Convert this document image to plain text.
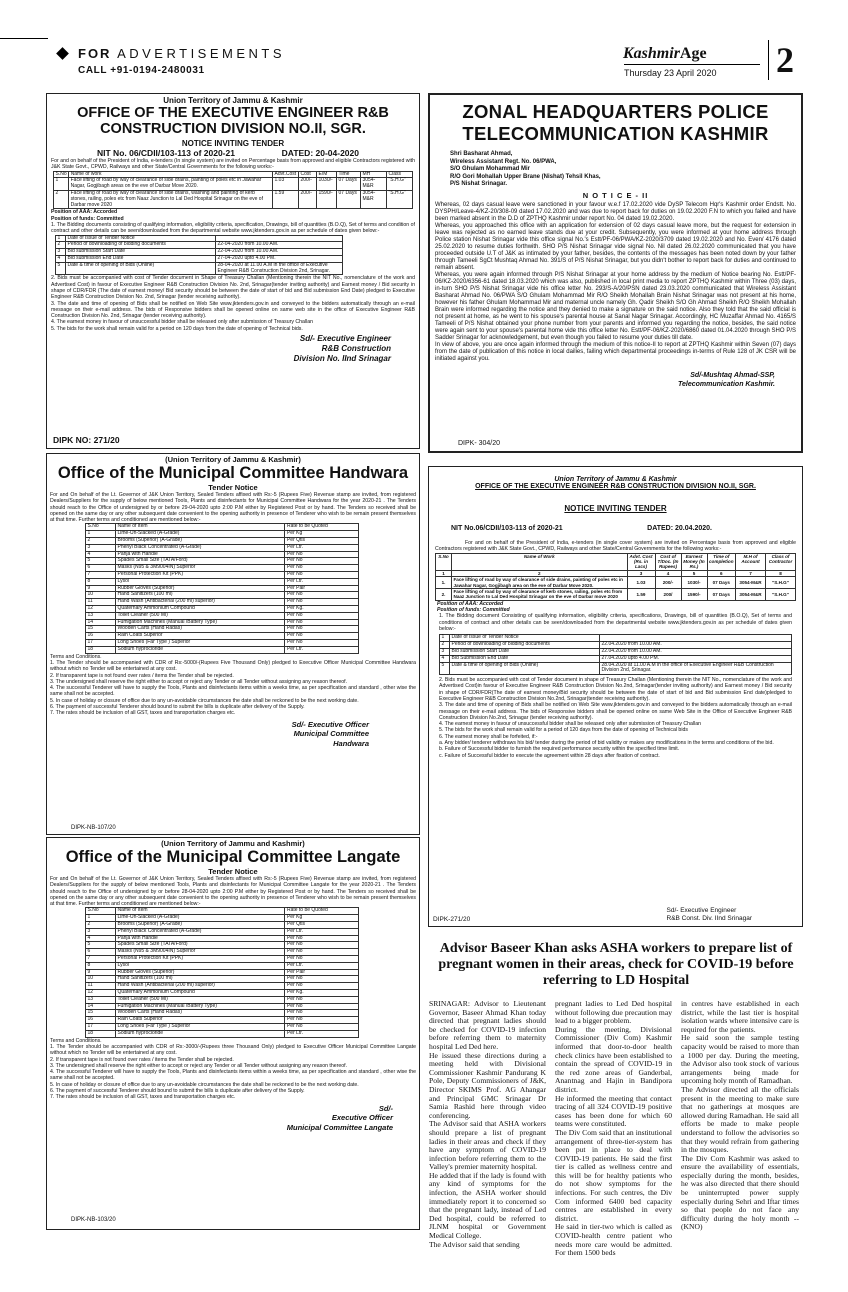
FOR ADVERTISEMENTS
CALL +91-0194-2480031
KashmirAge
Thursday 23 April 2020 2
Union Territory of Jammu & Kashmir
OFFICE OF THE EXECUTIVE ENGINEER R&B
CONSTRUCTION DIVISION NO.II, SGR.
NOTICE INVITING TENDER
NIT No. 06/CDII/103-113 of 2020-21	DATED: 20-04-2020
For and on behalf of the President of India, e-tenders (In single system) are invited on Percentage basis from approved and eligible Contractors registered with J&K State Govt., CPWD, Railways and other State/Central Governments for the following works:-
S.No	Name of work	Advt.Cost	Cost	E/M	Time	MH	Class
1	Face lifting of road by way of clearance of side drains, painting of poles etc in Jawahar Nagar, Gogjibagh areas on the eve of Darbar Move 2020.	1.03	200/-	1030/-	07 Days	3054-M&R	"S.H.G"
2	Face lifting of road by way of clearance of side drains, washing and painting of kerb stones, railing, poles etc from Naaz Junction to Lal Ded Hospital Srinagar on the eve of Darbar move 2020	1.59	200/-	1590/-	07 Days	3054-M&R	"S.H.G"
Position of AAA: Accorded
Position of funds: Committed
1. The Bidding documents consisting of qualifying information, eligibility criteria, specification, Drawings, bill of quantities (B.O.Q), Set of terms and condition of contract and other details can be seen/downloaded from the departmental website www.jktenders.gov.in as per schedule of dates given below:-
1	Date of Issue of Tender Notice	
2	Period of downloading of bidding documents	22-04-2020 from 10.00 AM.
3	Bid submission Start Date	22-04-2020 from 10.00 AM.
4	Bid submission End Date	27-04-2020 upto 4.00 PM.
5	Date & time of opening of Bids (Online)	28-04-2020 at 11.00 A.M in the office of Executive Engineer R&B Construction Division 2nd, Srinagar.
2. Bids must be accompanied with cost of Tender document in Shape of Treasury Challan (Mentioning therein the NIT No., nomenclature of the work and Advertised Cost) in favour of Executive Engineer R&B Construction Division No. 2nd, Srinagar(tender inviting authority) and Earnest money / Bid security in shape of CDR/FDR (The date of earnest money/ Bid security should be between the date of start of bid and Bid submission End Date) pledged to Executive Engineer R&B Construction Division No. 2nd, Srinagar (tender receiving authority).
3. The date and time of opening of Bids shall be notified on Web Site www.jktenders.gov.in and conveyed to the bidders automatically through an e-mail message on their e-mail address. The bids of Responsive bidders shall be opened online on same web site in the office of Executive Engineer R&B Construction Division No. 2nd, Srinagar (tender receiving authority).
4. The earnest money in favour of unsuccessful bidder shall be released only after submission of Treasury Challan
5. The bids for the work shall remain valid for a period on 120 days from the date of opening of Technical bids.
Sd/- Executive Engineer
R&B Construction
Division No. IInd Srinagar
DIPK NO: 271/20
ZONAL HEADQUARTERS POLICE
TELECOMMUNICATION KASHMIR
Shri Basharat Ahmad,
Wireless Assistant Regt. No. 06/PWA,
S/O Ghulam Mohammad Mir
R/O Gori Mohallah Upper Brane (Nishat) Tehsil Khas,
P/S Nishat Srinagar.
N O T I C E - II
Whereas, 02 days casual leave were sanctioned in your favour w.e.f 17.02.2020 vide DySP Telecom Hqr's Kashmir order Endstt. No. DYSPH/Leave-4/KZ-20/308-09 dated 17.02.2020 and was due to report back for duties on 19.02.2020 F.N to which you failed and have been marked absent in the D.D of ZPTHQ Kashmir under report No. 04 dated 19.02.2020.
Whereas, you approached this office with an application for extension of 02 days casual leave more, but the request for extension in leave was rejected as no earned leave stands due at your credit. Subsequently, you were informed at your home address through Police station Nishat Srinagar vide this office signal No.'s Estt/PF-06/PWA/KZ-2020/3709 dated 19.02.2020 and No. Even/ 4176 dated 25.02.2020 to resume duties forthwith. SHO P/S Nishat Srinagar vide signal No. Nil dated 26.02.2020 communicated that you have proceeded outside U.T of J&K as intimated by your father, besides, the contents of the messages has been noted down by your father through Tameeli SgCt Mushtaq Ahmad No. 391/S of P/S Nishat Srinagar, but you didn't bother to report back for duties and continued to remain absent.
Whereas, you were again informed through P/S Nishat Srinagar at your home address by the medium of Notice bearing No. Estt/PF-06/KZ-2020/6356-61 dated 18.03.2020 which was also, published in local print media to report ZPTHQ Kashmir within Three (03) days, in-turn SHO P/S Nishat Srinagar vide his office letter No. 293/S-A/20/PSN dated 23.03.2020 communicated that Wireless Assistant Basharat Ahmad No. 06/PWA S/O Ghulam Mohammad Mir R/O Sheikh Mohallah Brain Nishat Srinagar was not present at his home, however his father Ghulam Mohammad Mir and maternal uncle namely Gh. Qadir Sheikh S/O Gh Ahmad Sheikh R/O Sheikh Mohallah Brain were informed regarding the notice and they denied to make a signature on the said notice. Also they told that the said official is not present at home, as he went to his spouse's parental house at Sanal Nagar Srinagar. Accordingly, HC Muzaffar Ahmad No. 4165/S Tameeli of P/S Nishat obtained your phone number from your parents and informed you regarding the notice, besides, the said notice were again sent to your spouse's parental home vide this office letter No. Estt/PF-06/KZ-2020/6860 dated 01.04.2020 through SHO P/S Sadder Srinagar for acknowledgement, but even though you failed to resume your duties till date.
In view of above, you are once again informed through the medium of this notice-II to report at ZPTHQ Kashmir within Seven (07) days from the date of publication of this notice in local dailies, failing which departmental proceedings in-terms of Rule 128 of JK CSR will be initiated against you.
Sd/-Mushtaq Ahmad-SSP,
Telecommunication Kashmir.
DIPK- 304/20
(Union Territory of Jammu & Kashmir)
Office of the Municipal Committee Handwara
Tender Notice
For and On behalf of the Lt. Governor of J&K Union Territory, Sealed Tenders affixed with Rs:-5 (Rupees Five) Revenue stamp are invited, from registered Dealers/Suppliers for the supply of below mentioned Tools, Plants and disinfectants for Municipal Committee Handwara for the year 2020-21 . The Tenders should reach to the Office of undersigned by or before 29-04-2020 upto 2:00 P.M either by Registered Post or by hand. The Tenders so received shall be opened on the same day or any other subsequent date convenient to the opening authority in presence of Tenderer who wish to be remain present themselves at that time. Further terms and conditioned are mentioned below:-
S.No	Name of Item	Rate to be Quoted
1	Lime-Un-Slacked (A-Grade)	Per Kg
2	Brooms (Superior) (A-Grade)	Per Qtls
3	Phenyl Black Concentrated (A-Grade)	Per Ltr.
4	Panja with Handle	Per No
5	Spades Small Size (TATA/Ford)	Per No
6	Masks (N95 & 3M9004IN) Superior	Per No
7	Personal Protection Kit (PPK)	Per No
8	Lysol	Per Ltr.
9	Rubber Gloves (Superior)	Per Pair
10	Hand Sanitizers (100 ml)	Per No
11	Hand Wash (Antibacterial (200 ml) superior)	Per No
12	Quaternary Ammonium Compound	Per Kg.
13	Toilet Cleaner (500 Ml)	Per No
14	Fumigation Machines (Manual /Battery Type)	Per No
15	Wooden Carts (Hand Radas)	Per No
16	Rain Coats Superior	Per No
17	Long Shoes (Far Type ) Superior	Per No
18	Sodium hyprocloride	Per Ltr.
Terms and Conditions.
1. The Tender should be accompanied with CDR of Rs:-5000/-(Rupees Five Thousand Only) pledged to Executive Officer Municipal Committee Handwara without which no Tender will be entertained at any cost.
2. If transparent tape is not found over rates / items the Tender shall be rejected.
3. The undersigned shall reserve the right either to accept or reject any Tender or all Tender without assigning any reason thereof.
4. The successful Tenderer will have to supply the Tools, Plants and disinfectants items within a weeks time, as per specification and standard , other wise the same shall not be accepted.
5. In case of holiday or closure of office due to any un-avoidable circumstances the date shall be reckoned to be the next working date.
6. The payment of successful Tenderer should bound to submit the bills is duplicate after delivery of the Supply.
7. The rates should be inclusion of all GST, taxes and transportation charges etc.
Sd/- Executive Officer
Municipal Committee
Handwara
DIPK-NB-107/20
(Union Territory of Jammu and Kashmir)
Office of the Municipal Committee Langate
Tender Notice
For and On behalf of the Lt. Governor of J&K Union Territory, Sealed Tenders affixed with Rs:-5 (Rupees Five) Revenue stamp are invited, from registered Dealers/Suppliers for the supply of below mentioned Tools, Plants and disinfectants for Municipal Committee Langate for the year 2020-21 . The Tenders should reach to the Office of undersigned by or before 28-04-2020 upto 2:00 P.M either by Registered Post or by hand. The Tenders so received shall be opened on the same day or any other subsequent date convenient to the opening authority in presence of Tenderer who wish to be remain present themselves at that time. Further terms and conditioned are mentioned below:-
S.No	Name of Item	Rate to be Quoted
1	Lime-Un-Slacked (A-Grade)	Per Kg
2	Brooms (Superior) (A-Grade)	Per Qtls
3	Phenyl Black Concentrated (A-Grade)	Per Ltr.
4	Panja with Handle	Per No
5	Spades Small Size (TATA/Ford)	Per No
6	Masks (N95 & 3M9004IN) Superior	Per No
7	Personal Protection Kit (PPK)	Per No
8	Lysol	Per Ltr.
9	Rubber Gloves (Superior)	Per Pair
10	Hand Sanitizers (100 ml)	Per No
11	Hand Wash (Antibacterial (200 ml) superior)	Per No
12	Quaternary Ammonium Compound	Per Kg.
13	Toilet Cleaner (500 Ml)	Per No
14	Fumigation Machines (Manual /Battery Type)	Per No
15	Wooden Carts (Hand Radas)	Per No
16	Rain Coats Superior	Per No
17	Long Shoes (Far Type ) Superior	Per No
18	Sodium hyprocloride	Per Ltr.
Terms and Conditions.
1. The Tender should be accompanied with CDR of Rs:-3000/-(Rupees three Thousand Only) pledged to Executive Officer Municipal Committee Langate without which no Tender will be entertained at any cost.
2. If transparent tape is not found over rates / items the Tender shall be rejected.
3. The undersigned shall reserve the right either to accept or reject any Tender or all Tender without assigning any reason thereof.
4. The successful Tenderer will have to supply the Tools, Plants and disinfectants items within a weeks time, as per specification and standard , other wise the same shall not be accepted.
5. In case of holiday or closure of office due to any un-avoidable circumstances the date shall be reckoned to be the next working date.
6. The payment of successful Tenderer should bound to submit the bills is duplicate after delivery of the Supply.
7. The rates should be inclusion of all GST, taxes and transportation charges etc.
Sd/-
Executive Officer
Municipal Committee Langate
DIPK-NB-103/20
Union Territory of Jammu & Kashmir
OFFICE OF THE EXECUTIVE ENGINEER R&B CONSTRUCTION DIVISION NO.II, SGR.
NOTICE INVITING TENDER
NIT No.06/CDII/103-113 of 2020-21	DATED: 20.04.2020.
For and on behalf of the President of India, e-tenders (in single cover system) are invited on Percentage basis from approved and eligible Contractors registered with J&K State Govt., CPWD, Railways and other State/Central Governments for the following works:-
S.No	Name of Work	Advt. Cost (Rs. in Lacs)	Cost of T/Doc. (In Rupees)	Earnest Money (In Rs.)	Time of completion	M.H of Account	Class of Contractor
1	2	3	4	5	6	7	8
1.	Face lifting of road by way of clearance of side drains, painting of poles etc in Jawahar Nagar, Gogjibagh area on the eve of Darbar Move 2020.	1.03	200/-	1030/-	07 Days	3054-M&R	"S.H.G"
2.	Face lifting of road by way of clearance of kerb stones, railing, poles etc from Naaz Junction to Lal Ded Hospital Srinagar on the eve of Darbar move 2020	1.59	200/	1590/-	07 Days	3054-M&R	"S.H.G"
Position of AAA: Accorded
Position of funds: Committed
1. The Bidding document Consisting of qualifying information, eligibility criteria, specifications, Drawings, bill of quantities (B.O.Q), Set of terms and conditions of contract and other details can be seen/downloaded from the departmental website www.jktenders.gov.in as per schedule of dates given below:-
1	Date of Issue of Tender Notice	
2	Period of downloading of bidding documents	22.04.2020 from 10.00 AM.
3	Bid submission Start Date	22.04.2020 from 10.00 AM.
4	Bid Submission End Date	27.04.2020 upto 4.00 PM.
5	Date & time of opening of Bids (Online)	28.04.2020 at 11.00 A.M in the office of Executive Engineer R&B Construction Division 2nd, Srinagar.
2. Bids must be accompanied with cost of Tender document in shape of Treasury Challan (Mentioning therein the NIT No., nomenclature of the work and Advertised Cost)in favour of Executive Engineer R&B Construction Division No.2nd, Srinagar(tender inviting authority) and Earnest money / Bid security in shape of CDR/FDR(The date of earnest money/Bid security should be between the date of start of bid and Bid submission End date)pledged to Executive Engineer R&B Construction Division No.2nd, Srinagar(tender receiving authority).
3. The date and time of opening of Bids shall be notified on Web Site www.jktenders.gov.in and conveyed to the bidders automatically through an e-mail message on their e-mail address. The bids of Responsive bidders shall be opened online on same Web Site in the Office of Executive Engineer R&B Construction Division No.2nd, Srinagar (tender receiving authority).
4. The earnest money in favour of unsuccessful bidder shall be released only after submission of Treasury Challan
5. The bids for the work shall remain valid for a period of 120 days from the date of opening of Technical bids
6. The earnest money shall be forfeited, if:-
a. Any bidder/ tenderer withdraws his bid/ tender during the period of bid validity or makes any modifications in the terms and conditions of the bid.
b. Failure of Successful bidder to furnish the required performance security within the specified time limit.
c. Failure of Successful bidder to execute the agreement within 28 days after fixation of contract.
DIPK-271/20
Sd/- Executive Engineer
R&B Const. Div. IInd Srinagar
Advisor Baseer Khan asks ASHA workers to prepare list of pregnant women in their areas, check for COVID-19 before referring to LD Hospital
SRINAGAR: Advisor to Lieutenant Governor, Baseer Ahmad Khan today directed that pregnant ladies should be checked for COVID-19 infection before referring them to maternity hospital Led Ded here.
He issued these directions during a meeting held with Divisional Commissioner Kashmir Pandurang K Pole, Deputy Commissioners of J&K, Director SKIMS Prof. AG Ahangar and Principal GMC Srinagar Dr Samia Rashid here through video conferencing.
The Advisor said that ASHA workers should prepare a list of pregnant ladies in their areas and check if they have any symptom of COVID-19 infection before referring them to the Valley's premier maternity hospital.
He added that if the lady is found with any kind of symptoms for the infection, the ASHA worker should immediately report it to concerned so that the pregnant lady, instead of Led Ded hospital, could be referred to JLNM hospital or Government Medical College.
The Advisor said that sending
pregnant ladies to Led Ded hospital without following due precaution may lead to a bigger problem.
During the meeting, Divisional Commissioner (Div Com) Kashmir informed that door-to-door health check clinics have been established to contain the spread of COVID-19 in the red zone areas of Ganderbal, Anantnag and Hajin in Bandipora district.
He informed the meeting that contact tracing of all 324 COVID-19 positive cases has been done for which 60 teams were constituted.
The Div Com said that an institutional arrangement of three-tier-system has been put in place to deal with COVID-19 patients. He said the first tier is called as wellness centre and this will be for healthy patients who do not show symptoms for the infections. For such centres, the Div Com informed 6400 bed capacity centres are established in every district.
He said in tier-two which is called as COVID-health centre patient who needs more care would be admitted. For them 1500 beds
in centres have established in each district, while the last tier is hospital isolation wards where intensive care is required for the patients.
He said soon the sample testing capacity would be raised to more than a 1000 per day. During the meeting, the Advisor also took stock of various arrangements being made for upcoming holy month of Ramadhan.
The Advisor directed all the officials present in the meeting to make sure that no gatherings at mosques are allowed during Ramadhan. He said all efforts be made to make people understand to follow the advisories so that they would refrain from gathering in the mosques.
The Div Com Kashmir was asked to ensure the availability of essentials, especially during the month, besides, he was also directed that there should be uninterrupted power supply especially during Sehri and Iftar times so that people do not face any difficulty during the holy month --(KNO)
